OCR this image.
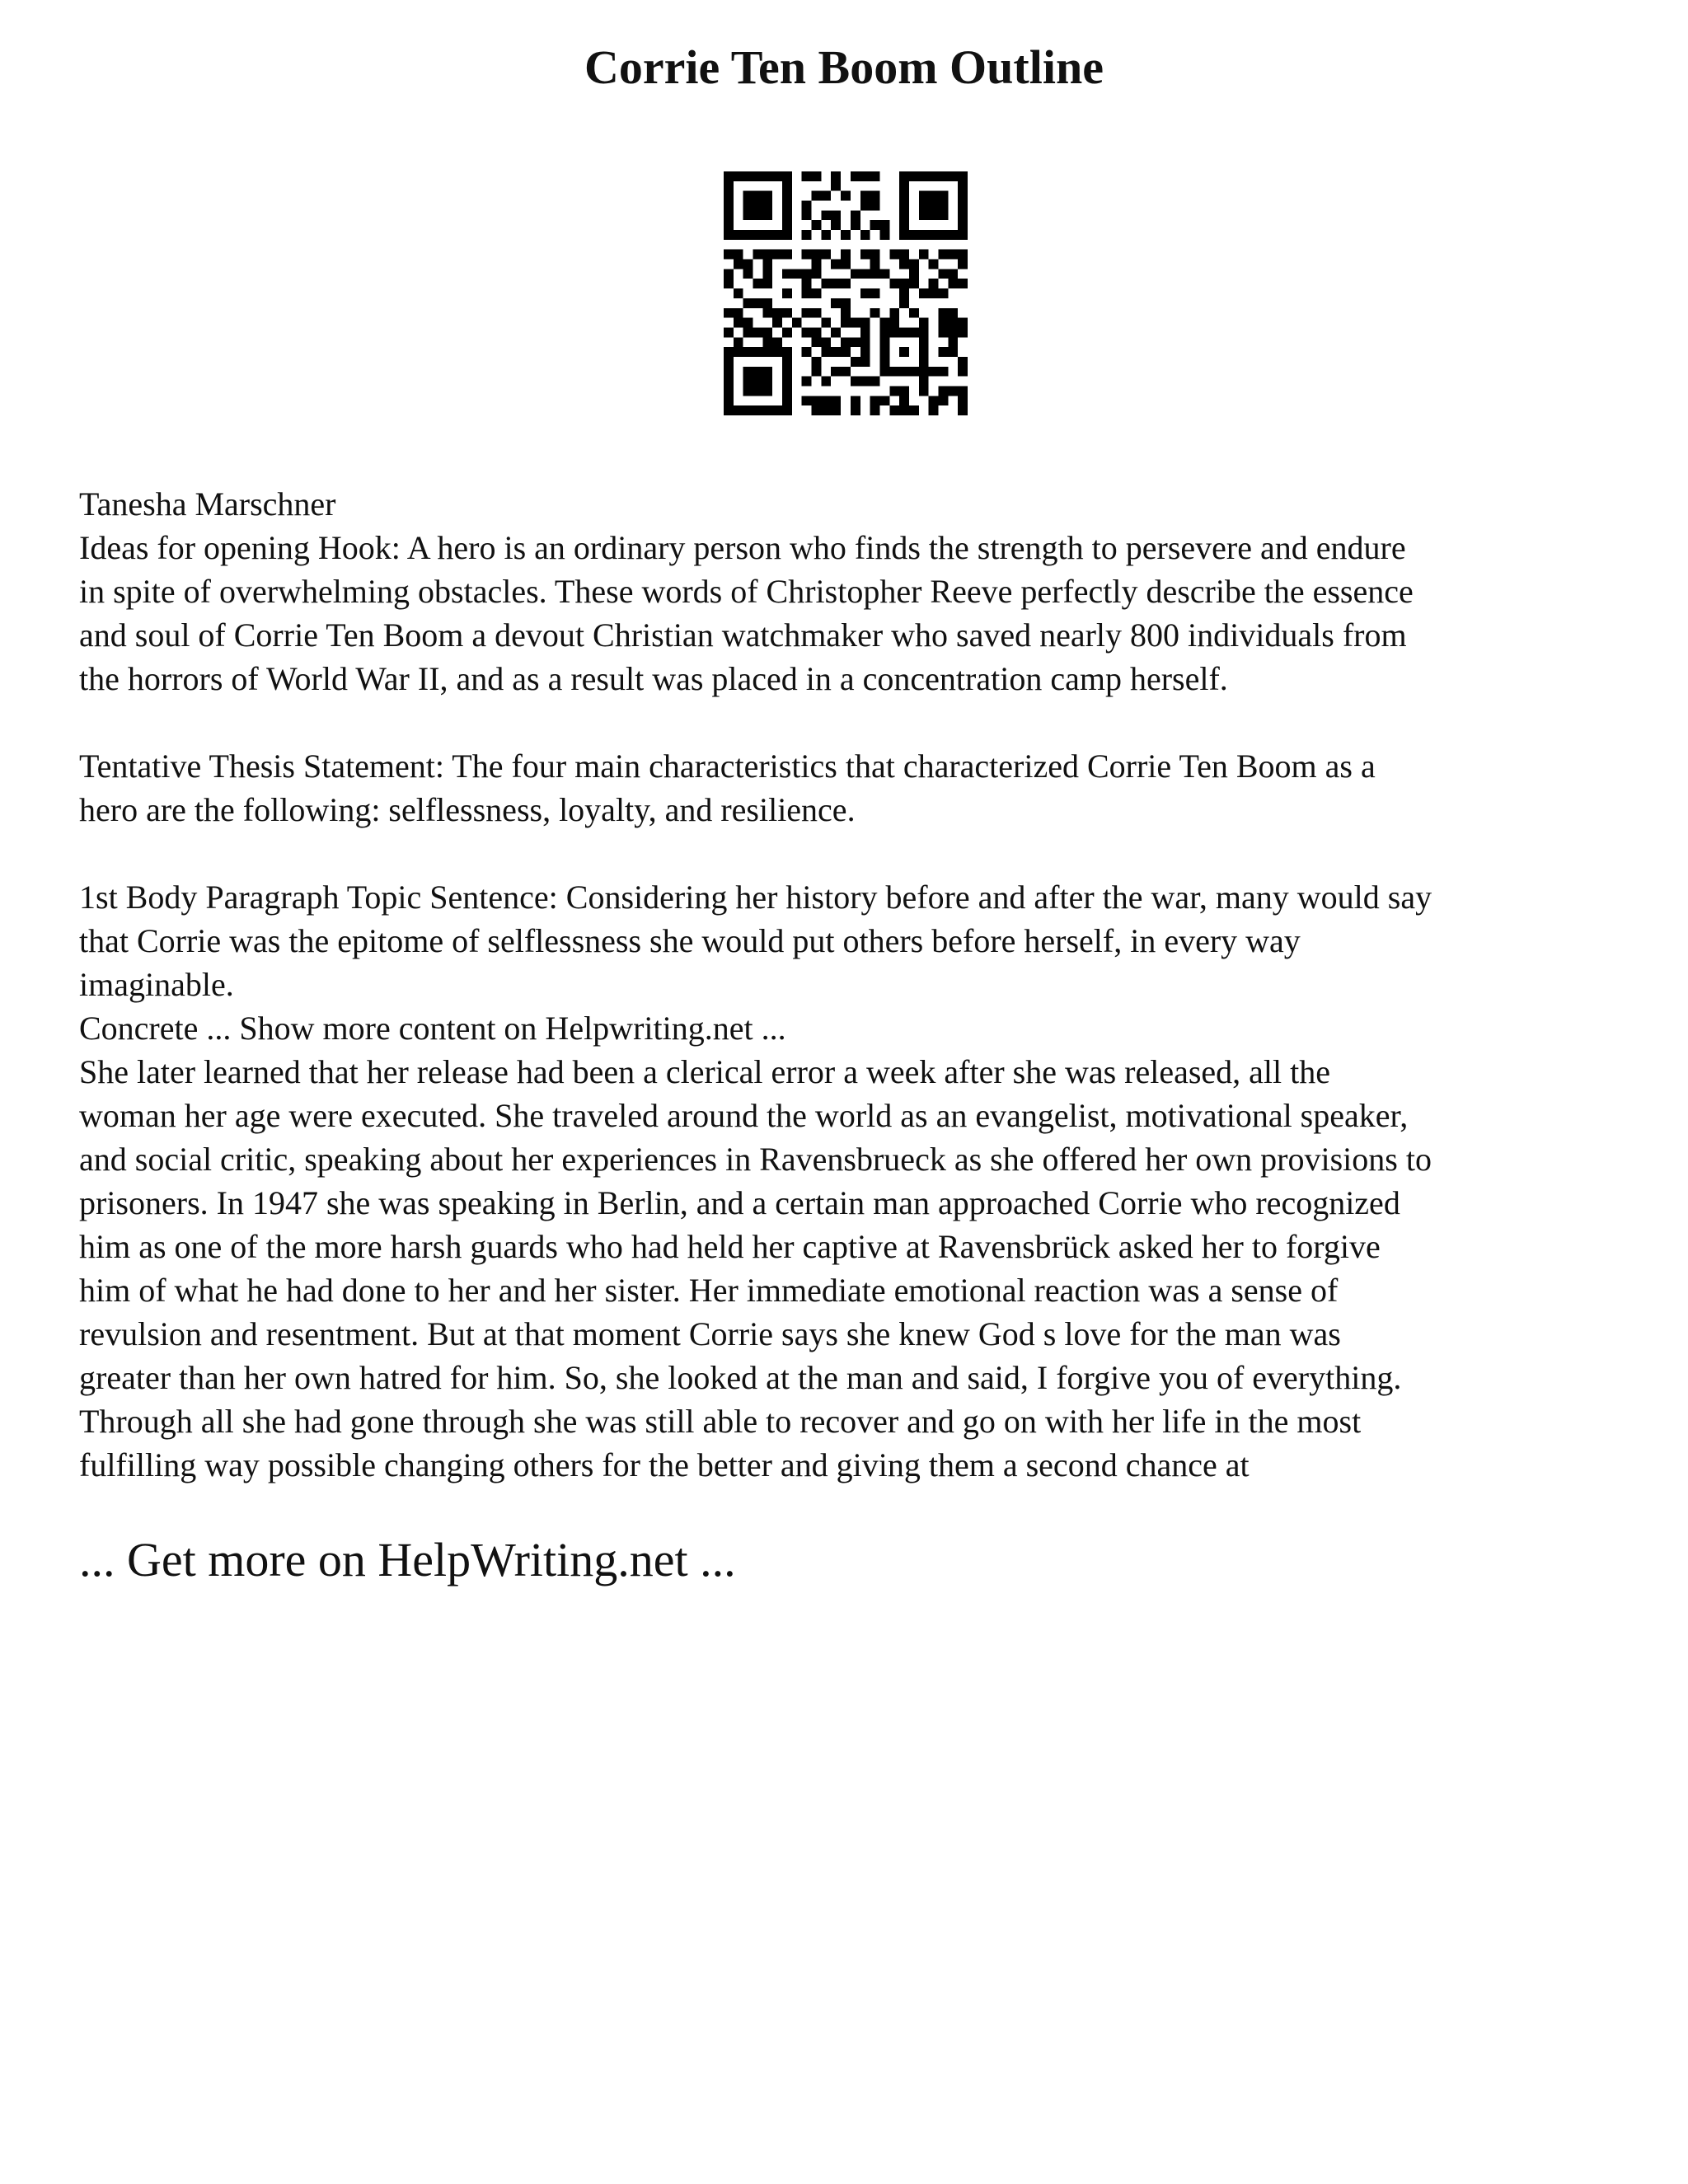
Corrie Ten Boom Outline

Tanesha Marschner

Ideas for opening Hook: A hero is an ordinary person who finds the strength to persevere and endure
in spite of overwhelming obstacles. These words of Christopher Reeve perfectly describe the essence
and soul of Corrie Ten Boom a devout Christian watchmaker who saved nearly 800 individuals from
the horrors of World War II, and as a result was placed in a concentration camp herself.

Tentative Thesis Statement: The four main characteristics that characterized Corrie Ten Boom as a
hero are the following: selflessness, loyalty, and resilience.

1st Body Paragraph Topic Sentence: Considering her history before and after the war, many would say
that Corrie was the epitome of selflessness she would put others before herself, in every way
imaginable.

Concrete ... Show more content on Helpwriting.net ...

She later learned that her release had been a clerical error a week after she was released, all the
woman her age were executed. She traveled around the world as an evangelist, motivational speaker,
and social critic, speaking about her experiences in Ravensbrueck as she offered her own provisions to
prisoners. In 1947 she was speaking in Berlin, and a certain man approached Corrie who recognized
him as one of the more harsh guards who had held her captive at Ravensbrück asked her to forgive
him of what he had done to her and her sister. Her immediate emotional reaction was a sense of
revulsion and resentment. But at that moment Corrie says she knew God s love for the man was
greater than her own hatred for him. So, she looked at the man and said, I forgive you of everything.
Through all she had gone through she was still able to recover and go on with her life in the most
fulfilling way possible changing others for the better and giving them a second chance at

... Get more on HelpWriting.net ...
